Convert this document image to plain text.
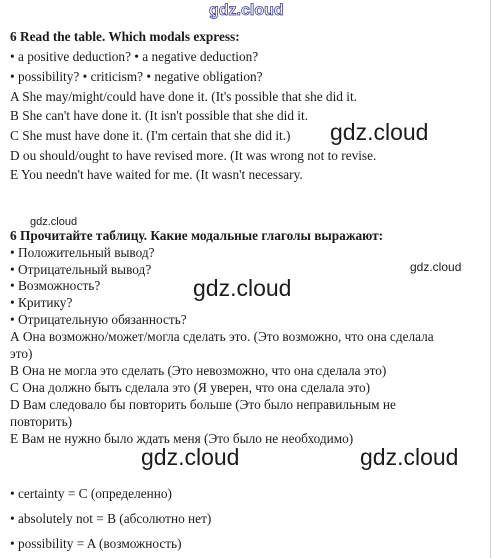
gdz.cloud
gdz.cloud
gdz.cloud
gdz.cloud
gdz.cloud
gdz.cloud	gdz.cloud
6 Read the table. Which modals express:
• a positive deduction? • a negative deduction?
• possibility? • criticism? • negative obligation?
A She may/might/could have done it. (It's possible that she did it.
B She can't have done it. (It isn't possible that she did it.
C She must have done it. (I'm certain that she did it.)
D ou should/ought to have revised more. (It was wrong not to revise.
E You needn't have waited for me. (It wasn't necessary.
6 Прочитайте таблицу. Какие модальные глаголы выражают:
• Положительный вывод?
• Отрицательный вывод?
• Возможность?
• Критику?
• Отрицательную обязанность?
А Она возможно/может/могла сделать это. (Это возможно, что она сделала
это)
В Она не могла это сделать (Это невозможно, что она сделала это)
С Она должно быть сделала это (Я уверен, что она сделала это)
D Вам следовало бы повторить больше (Это было неправильным не
повторить)
Е Вам не нужно было ждать меня (Это было не необходимо)
• certainty = C (определенно)
• absolutely not = B (абсолютно нет)
• possibility = A (возможность)
